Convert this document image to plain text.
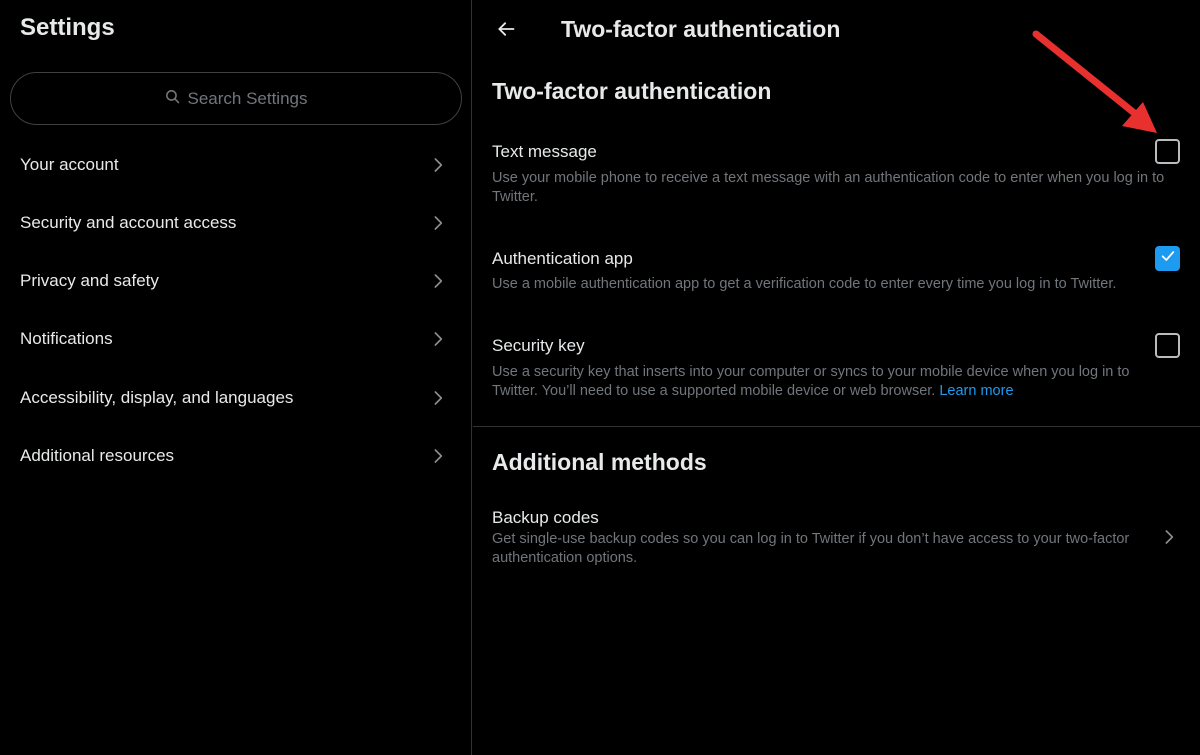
Settings
Search Settings
Your account
Security and account access
Privacy and safety
Notifications
Accessibility, display, and languages
Additional resources
Two-factor authentication
Two-factor authentication
Text message
Use your mobile phone to receive a text message with an authentication code to enter when you log in to Twitter.
Authentication app
Use a mobile authentication app to get a verification code to enter every time you log in to Twitter.
Security key
Use a security key that inserts into your computer or syncs to your mobile device when you log in to Twitter. You’ll need to use a supported mobile device or web browser. Learn more
Additional methods
Backup codes
Get single-use backup codes so you can log in to Twitter if you don’t have access to your two-factor authentication options.
